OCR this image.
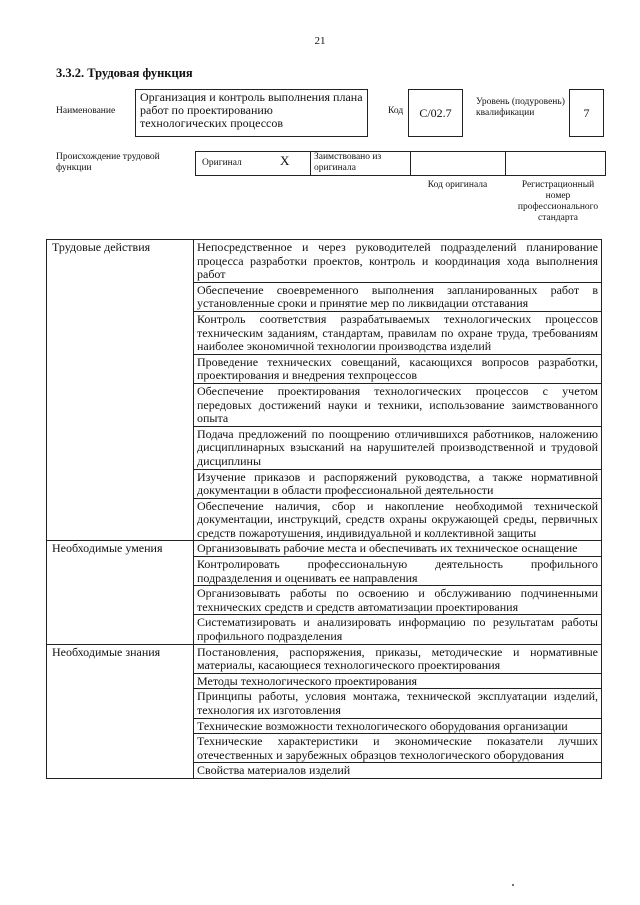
21
3.3.2. Трудовая функция
Наименование
Организация и контроль выполнения плана работ по проектированию технологических процессов
Код С/02.7
Уровень (подуровень) квалификации	7
Происхождение трудовой функции	Оригинал	X	Заимствовано из оригинала
Код оригинала	Регистрационный номер профессионального стандарта
Трудовые действия	Непосредственное и через руководителей подразделений планирование процесса разработки проектов, контроль и координация хода выполнения работ
	Обеспечение своевременного выполнения запланированных работ в установленные сроки и принятие мер по ликвидации отставания
	Контроль соответствия разрабатываемых технологических процессов техническим заданиям, стандартам, правилам по охране труда, требованиям наиболее экономичной технологии производства изделий
	Проведение технических совещаний, касающихся вопросов разработки, проектирования и внедрения техпроцессов
	Обеспечение проектирования технологических процессов с учетом передовых достижений науки и техники, использование заимствованного опыта
	Подача предложений по поощрению отличившихся работников, наложению дисциплинарных взысканий на нарушителей производственной и трудовой дисциплины
	Изучение приказов и распоряжений руководства, а также нормативной документации в области профессиональной деятельности
	Обеспечение наличия, сбор и накопление необходимой технической документации, инструкций, средств охраны окружающей среды, первичных средств пожаротушения, индивидуальной и коллективной защиты
Необходимые умения	Организовывать рабочие места и обеспечивать их техническое оснащение
	Контролировать профессиональную деятельность профильного подразделения и оценивать ее направления
	Организовывать работы по освоению и обслуживанию подчиненными технических средств и средств автоматизации проектирования
	Систематизировать и анализировать информацию по результатам работы профильного подразделения
Необходимые знания	Постановления, распоряжения, приказы, методические и нормативные материалы, касающиеся технологического проектирования
	Методы технологического проектирования
	Принципы работы, условия монтажа, технической эксплуатации изделий, технология их изготовления
	Технические возможности технологического оборудования организации
	Технические характеристики и экономические показатели лучших отечественных и зарубежных образцов технологического оборудования
	Свойства материалов изделий
